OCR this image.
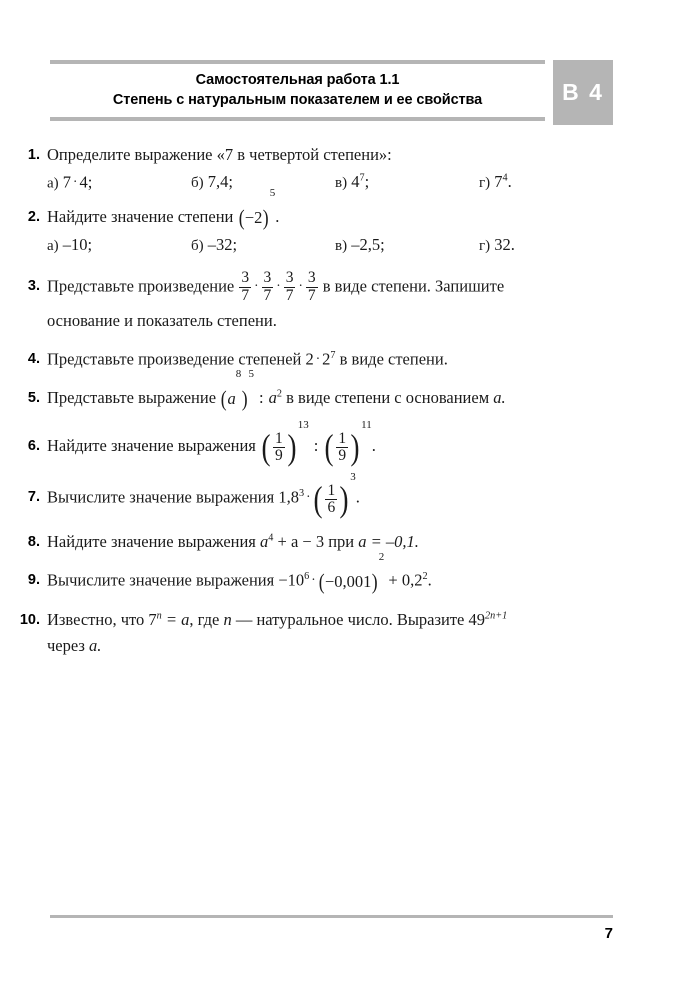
Самостоятельная работа 1.1
Степень с натуральным показателем и ее свойства	В 4
1. Определите выражение «7 в четвертой степени»:
а) 7 · 4;	б) 7,4;	в) $4^7$;	г) $7^4$.
2. Найдите значение степени $(-2)^5$.
а) –10;	б) –32;	в) –2,5;	г) 32.
3. Представьте произведение $\frac{3}{7} \cdot \frac{3}{7} \cdot \frac{3}{7} \cdot \frac{3}{7}$ в виде степени. Запишите
основание и показатель степени.
4. Представьте произведение степеней $2 \cdot 2^7$ в виде степени.
5. Представьте выражение $(a^8)^5$: $a^2$ в виде степени с основанием a.
6. Найдите значение выражения ( $\frac{1}{9} )^{13}$: ( $\frac{1}{9} )^{11}$.
7. Вычислите значение выражения $1,8^3$ ·( $\frac{1}{6} )^3$.
8. Найдите значение выражения $a^4 + a - 3$ при a = –0,1.
9. Вычислите значение выражения $-10^6 \cdot (-0,001)^2 + 0,2^2$.
10. Известно, что $7^n = a$, где n — натуральное число. Выразите $49^{2n+1}$
через a.
7
